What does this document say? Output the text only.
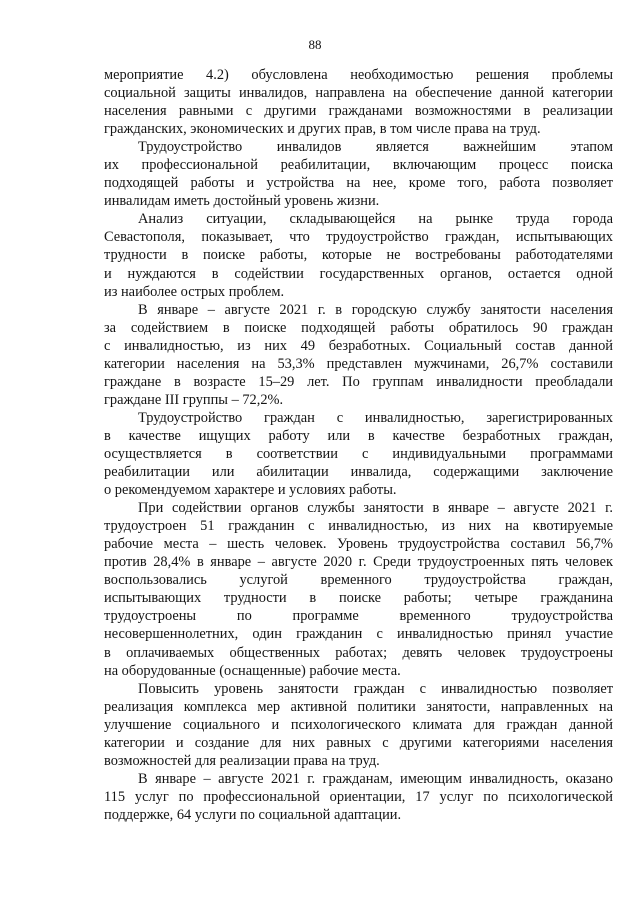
88

мероприятие 4.2) обусловлена необходимостью решения проблемы
социальной защиты инвалидов, направлена на обеспечение данной категории
населения равными с другими гражданами возможностями в реализации
гражданских, экономических и других прав, в том числе права на труд.

Трудоустройство инвалидов является важнейшим этапом
их профессиональной реабилитации, включающим процесс поиска
подходящей работы и устройства на нее, кроме того, работа позволяет
инвалидам иметь достойный уровень жизни.

Анализ ситуации, складывающейся на рынке труда города
Севастополя, показывает, что трудоустройство граждан, испытывающих
трудности в поиске работы, которые не востребованы работодателями
и нуждаются в содействии государственных органов, остается одной
из наиболее острых проблем.

В январе – августе 2021 г. в городскую службу занятости населения
за содействием в поиске подходящей работы обратилось 90 граждан
с инвалидностью, из них 49 безработных. Социальный состав данной
категории населения на 53,3% представлен мужчинами, 26,7% составили
граждане в возрасте 15–29 лет. По группам инвалидности преобладали
граждане III группы – 72,2%.

Трудоустройство граждан с инвалидностью, зарегистрированных
в качестве ищущих работу или в качестве безработных граждан,
осуществляется в соответствии с индивидуальными программами
реабилитации или абилитации инвалида, содержащими заключение
о рекомендуемом характере и условиях работы.

При содействии органов службы занятости в январе – августе 2021 г.
трудоустроен 51 гражданин с инвалидностью, из них на квотируемые
рабочие места – шесть человек. Уровень трудоустройства составил 56,7%
против 28,4% в январе – августе 2020 г. Среди трудоустроенных пять человек
воспользовались услугой временного трудоустройства граждан,
испытывающих трудности в поиске работы; четыре гражданина
трудоустроены по программе временного трудоустройства
несовершеннолетних, один гражданин с инвалидностью принял участие
в оплачиваемых общественных работах; девять человек трудоустроены
на оборудованные (оснащенные) рабочие места.

Повысить уровень занятости граждан с инвалидностью позволяет
реализация комплекса мер активной политики занятости, направленных на
улучшение социального и психологического климата для граждан данной
категории и создание для них равных с другими категориями населения
возможностей для реализации права на труд.

В январе – августе 2021 г. гражданам, имеющим инвалидность, оказано
115 услуг по профессиональной ориентации, 17 услуг по психологической
поддержке, 64 услуги по социальной адаптации.
